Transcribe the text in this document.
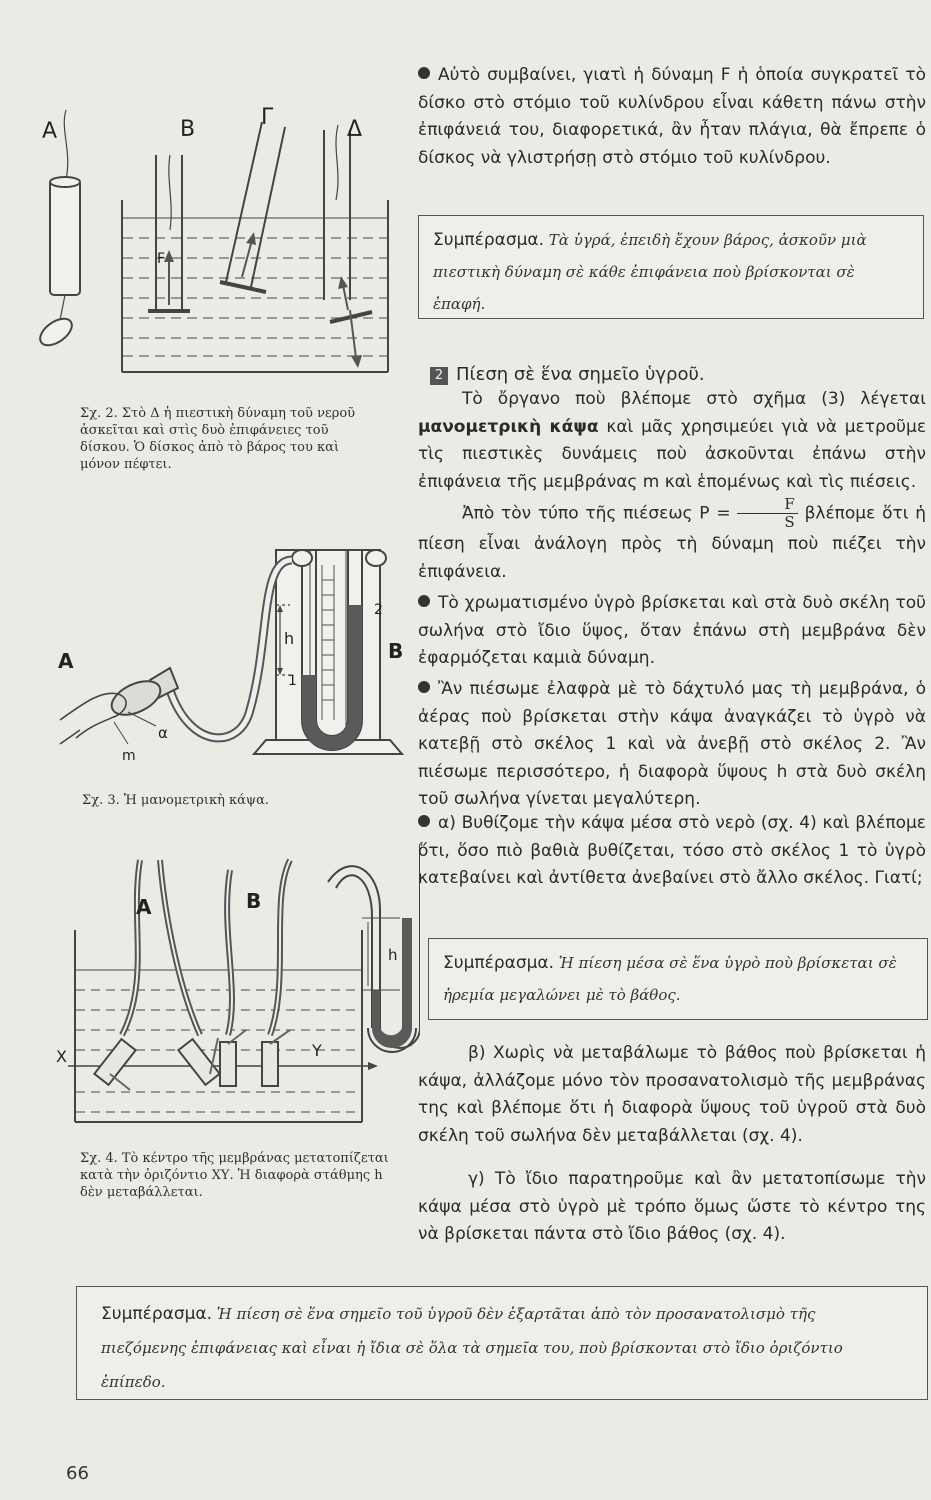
Α	Β	Γ	Δ
F

Σχ. 2. Στὸ Δ ἡ πιεστικὴ δύναμη τοῦ νεροῦ ἀσκεῖται καὶ στὶς δυὸ ἐπιφάνειες τοῦ δίσκου. Ὁ δίσκος ἀπὸ τὸ βάρος του καὶ μόνον πέφτει.

Α	Β
h
1
2
α
m

Σχ. 3. Ἡ μανομετρικὴ κάψα.

Α	Β
Χ	Υ
h

Σχ. 4. Τὸ κέντρο τῆς μεμβράνας μετατοπίζεται κατὰ τὴν ὁριζόντιο ΧΥ. Ἡ διαφορὰ στάθμης h δὲν μεταβάλλεται.

Αὐτὸ συμβαίνει, γιατὶ ἡ δύναμη F ἡ ὁποία συγκρατεῖ τὸ δίσκο στὸ στόμιο τοῦ κυλίνδρου εἶναι κάθετη πάνω στὴν ἐπιφάνειά του, διαφορετικά, ἂν ἦταν πλάγια, θὰ ἔπρεπε ὁ δίσκος νὰ γλιστρήσῃ στὸ στόμιο τοῦ κυλίνδρου.

Συμπέρασμα. Τὰ ὑγρά, ἐπειδὴ ἔχουν βάρος, ἀσκοῦν μιὰ πιεστικὴ δύναμη σὲ κάθε ἐπιφάνεια ποὺ βρίσκονται σὲ ἐπαφή.

2 Πίεση σὲ ἕνα σημεῖο ὑγροῦ.

Τὸ ὄργανο ποὺ βλέπομε στὸ σχῆμα (3) λέγεται μανομετρικὴ κάψα καὶ μᾶς χρησιμεύει γιὰ νὰ μετροῦμε τὶς πιεστικὲς δυνάμεις ποὺ ἀσκοῦνται ἐπάνω στὴν ἐπιφάνεια τῆς μεμβράνας m καὶ ἑπομένως καὶ τὶς πιέσεις.

Ἀπὸ τὸν τύπο τῆς πιέσεως $P = \frac{F}{S}$ βλέπομε ὅτι ἡ πίεση εἶναι ἀνάλογη πρὸς τὴ δύναμη ποὺ πιέζει τὴν ἐπιφάνεια.

Τὸ χρωματισμένο ὑγρὸ βρίσκεται καὶ στὰ δυὸ σκέλη τοῦ σωλήνα στὸ ἴδιο ὕψος, ὅταν ἐπάνω στὴ μεμβράνα δὲν ἐφαρμόζεται καμιὰ δύναμη.

Ἂν πιέσωμε ἐλαφρὰ μὲ τὸ δάχτυλό μας τὴ μεμβράνα, ὁ ἀέρας ποὺ βρίσκεται στὴν κάψα ἀναγκάζει τὸ ὑγρὸ νὰ κατεβῇ στὸ σκέλος 1 καὶ νὰ ἀνεβῇ στὸ σκέλος 2. Ἂν πιέσωμε περισσότερο, ἡ διαφορὰ ὕψους h στὰ δυὸ σκέλη τοῦ σωλήνα γίνεται μεγαλύτερη.

α) Βυθίζομε τὴν κάψα μέσα στὸ νερὸ (σχ. 4) καὶ βλέπομε ὅτι, ὅσο πιὸ βαθιὰ βυθίζεται, τόσο στὸ σκέλος 1 τὸ ὑγρὸ κατεβαίνει καὶ ἀντίθετα ἀνεβαίνει στὸ ἄλλο σκέλος. Γιατί;

Συμπέρασμα. Ἡ πίεση μέσα σὲ ἕνα ὑγρὸ ποὺ βρίσκεται σὲ ἠρεμία μεγαλώνει μὲ τὸ βάθος.

β) Χωρὶς νὰ μεταβάλωμε τὸ βάθος ποὺ βρίσκεται ἡ κάψα, ἀλλάζομε μόνο τὸν προσανατολισμὸ τῆς μεμβράνας της καὶ βλέπομε ὅτι ἡ διαφορὰ ὕψους τοῦ ὑγροῦ στὰ δυὸ σκέλη τοῦ σωλήνα δὲν μεταβάλλεται (σχ. 4).

γ) Τὸ ἴδιο παρατηροῦμε καὶ ἂν μετατοπίσωμε τὴν κάψα μέσα στὸ ὑγρὸ μὲ τρόπο ὅμως ὥστε τὸ κέντρο της νὰ βρίσκεται πάντα στὸ ἴδιο βάθος (σχ. 4).

Συμπέρασμα. Ἡ πίεση σὲ ἕνα σημεῖο τοῦ ὑγροῦ δὲν ἐξαρτᾶται ἀπὸ τὸν προσανατολισμὸ τῆς πιεζόμενης ἐπιφάνειας καὶ εἶναι ἡ ἴδια σὲ ὅλα τὰ σημεῖα του, ποὺ βρίσκονται στὸ ἴδιο ὁριζόντιο ἐπίπεδο.

66
